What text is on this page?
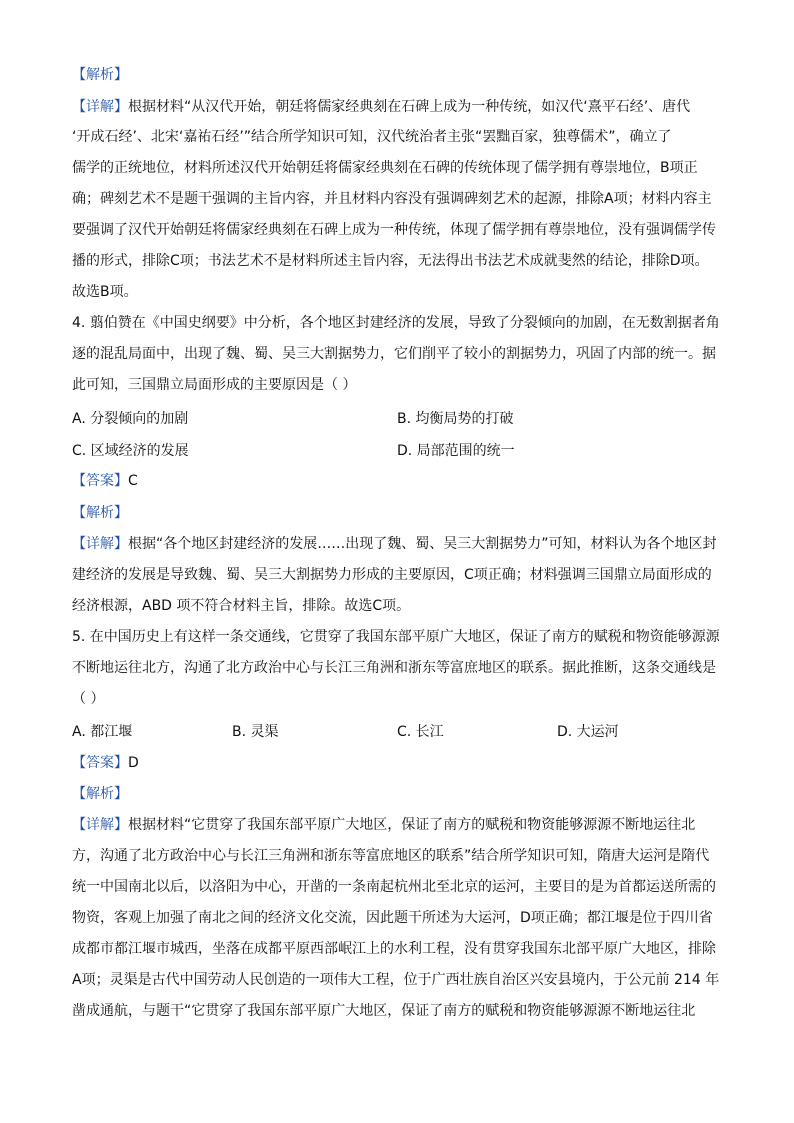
【解析】
【详解】根据材料“从汉代开始，朝廷将儒家经典刻在石碑上成为一种传统，如汉代‘熹平石经’、唐代
‘开成石经’、北宋‘嘉祐石经’”结合所学知识可知，汉代统治者主张“罢黜百家，独尊儒术”，确立了
儒学的正统地位，材料所述汉代开始朝廷将儒家经典刻在石碑的传统体现了儒学拥有尊崇地位，B项正
确；碑刻艺术不是题干强调的主旨内容，并且材料内容没有强调碑刻艺术的起源，排除A项；材料内容主
要强调了汉代开始朝廷将儒家经典刻在石碑上成为一种传统，体现了儒学拥有尊崇地位，没有强调儒学传
播的形式，排除C项；书法艺术不是材料所述主旨内容，无法得出书法艺术成就斐然的结论，排除D项。
故选B项。
4. 翦伯赞在《中国史纲要》中分析，各个地区封建经济的发展，导致了分裂倾向的加剧，在无数割据者角
逐的混乱局面中，出现了魏、蜀、吴三大割据势力，它们削平了较小的割据势力，巩固了内部的统一。据
此可知，三国鼎立局面形成的主要原因是（ ）
A. 分裂倾向的加剧	B. 均衡局势的打破
C. 区域经济的发展	D. 局部范围的统一
【答案】C
【解析】
【详解】根据“各个地区封建经济的发展……出现了魏、蜀、吴三大割据势力”可知，材料认为各个地区封
建经济的发展是导致魏、蜀、吴三大割据势力形成的主要原因，C项正确；材料强调三国鼎立局面形成的
经济根源，ABD 项不符合材料主旨，排除。故选C项。
5. 在中国历史上有这样一条交通线，它贯穿了我国东部平原广大地区，保证了南方的赋税和物资能够源源
不断地运往北方，沟通了北方政治中心与长江三角洲和浙东等富庶地区的联系。据此推断，这条交通线是
（ ）
A. 都江堰	B. 灵渠	C. 长江	D. 大运河
【答案】D
【解析】
【详解】根据材料“它贯穿了我国东部平原广大地区，保证了南方的赋税和物资能够源源不断地运往北
方，沟通了北方政治中心与长江三角洲和浙东等富庶地区的联系”结合所学知识可知，隋唐大运河是隋代
统一中国南北以后，以洛阳为中心，开凿的一条南起杭州北至北京的运河，主要目的是为首都运送所需的
物资，客观上加强了南北之间的经济文化交流，因此题干所述为大运河，D项正确；都江堰是位于四川省
成都市都江堰市城西，坐落在成都平原西部岷江上的水利工程，没有贯穿我国东北部平原广大地区，排除
A项；灵渠是古代中国劳动人民创造的一项伟大工程，位于广西壮族自治区兴安县境内，于公元前 214 年
凿成通航，与题干“它贯穿了我国东部平原广大地区，保证了南方的赋税和物资能够源源不断地运往北
